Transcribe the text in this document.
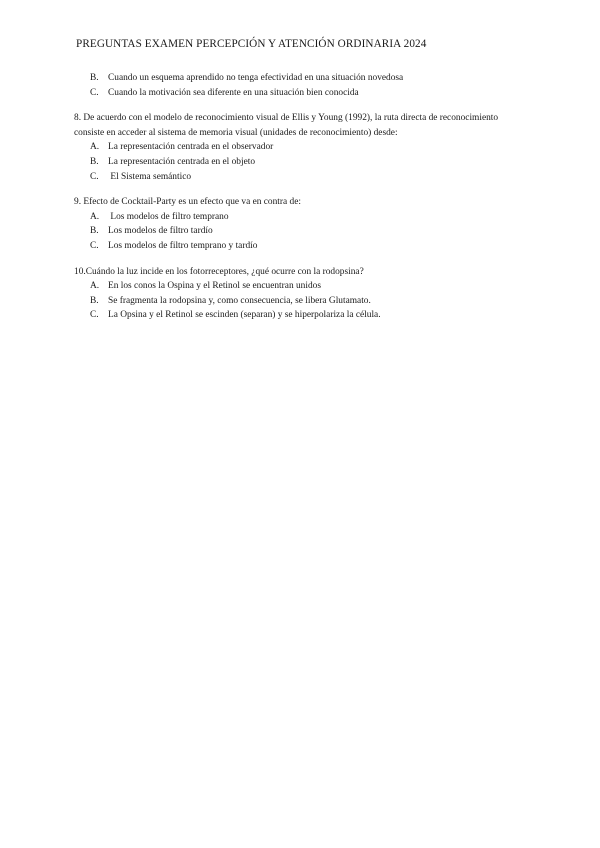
PREGUNTAS EXAMEN PERCEPCIÓN Y ATENCIÓN ORDINARIA 2024
B. Cuando un esquema aprendido no tenga efectividad en una situación novedosa
C. Cuando la motivación sea diferente en una situación bien conocida
8. De acuerdo con el modelo de reconocimiento visual de Ellis y Young (1992), la ruta directa de reconocimiento consiste en acceder al sistema de memoria visual (unidades de reconocimiento) desde:
A. La representación centrada en el observador
B. La representación centrada en el objeto
C. El Sistema semántico
9. Efecto de Cocktail-Party es un efecto que va en contra de:
A. Los modelos de filtro temprano
B. Los modelos de filtro tardío
C. Los modelos de filtro temprano y tardío
10.Cuándo la luz incide en los fotorreceptores, ¿qué ocurre con la rodopsina?
A. En los conos la Ospina y el Retinol se encuentran unidos
B. Se fragmenta la rodopsina y, como consecuencia, se libera Glutamato.
C. La Opsina y el Retinol se escinden (separan) y se hiperpolariza la célula.
